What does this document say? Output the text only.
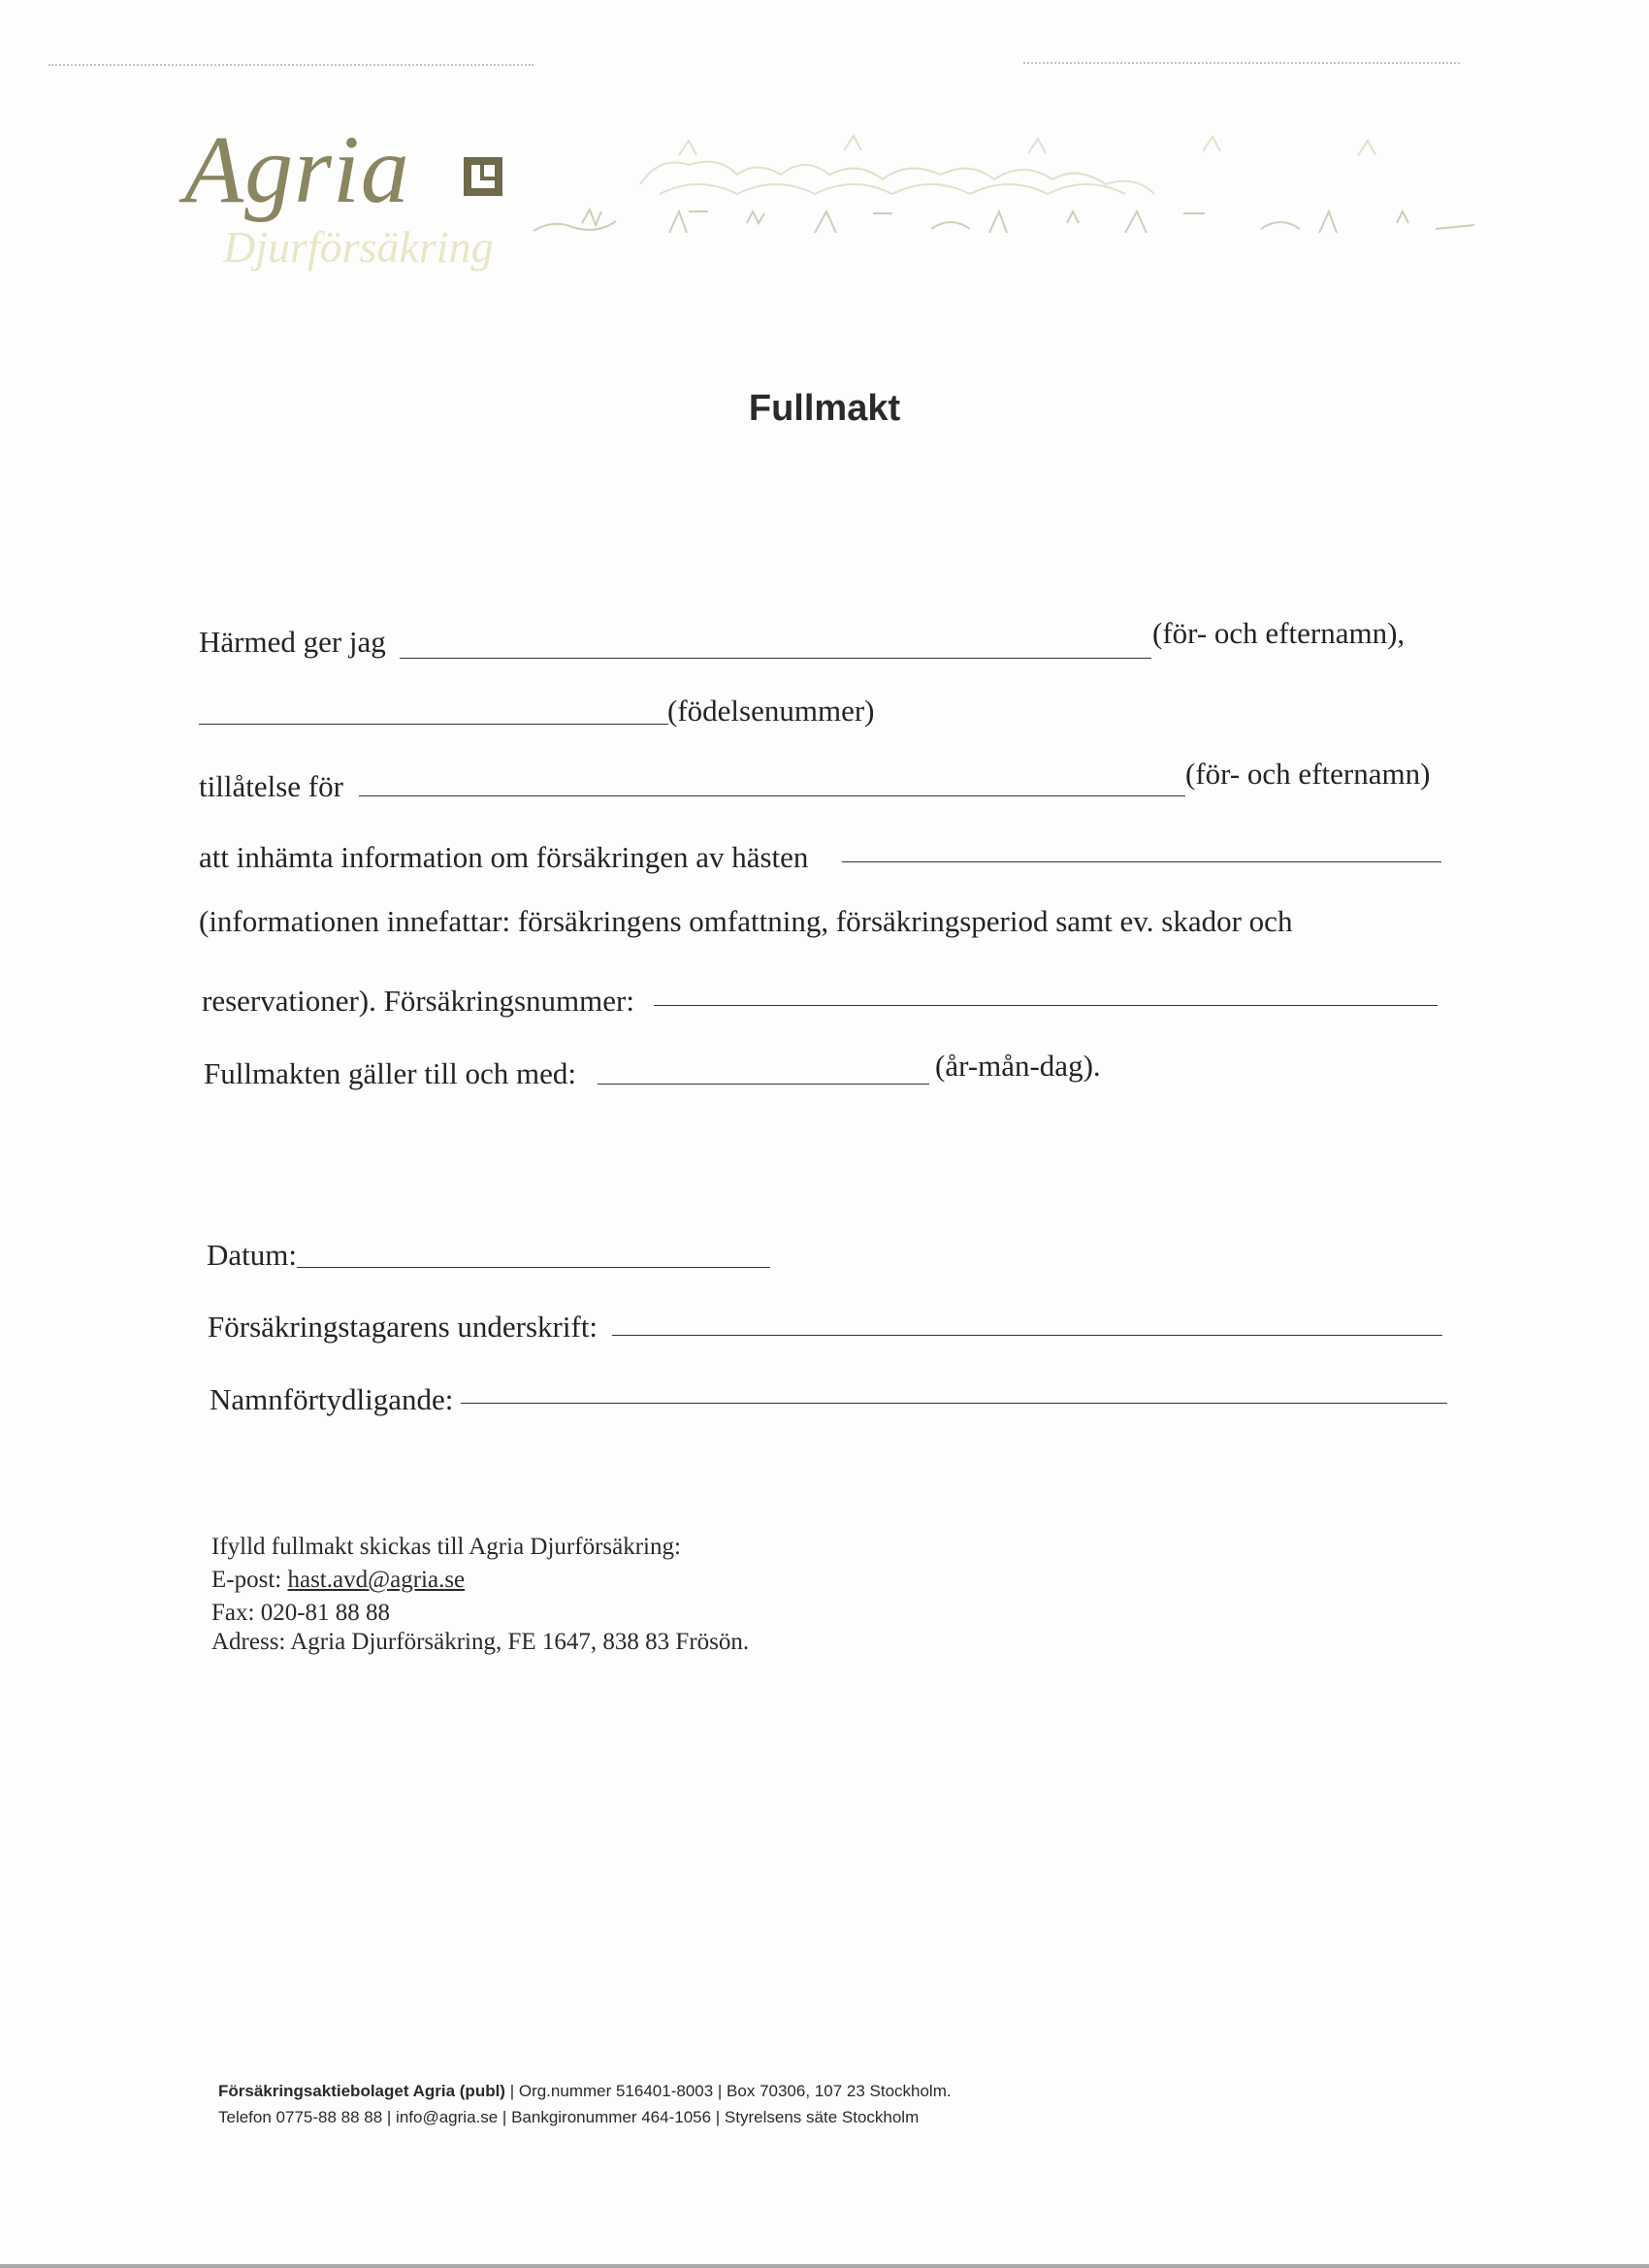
Agria
Djurförsäkring
Fullmakt
Härmed ger jag	(för- och efternamn),
(födelsenummer)
tillåtelse för	(för- och efternamn)
att inhämta information om försäkringen av hästen
(informationen innefattar: försäkringens omfattning, försäkringsperiod samt ev. skador och
reservationer). Försäkringsnummer:
Fullmakten gäller till och med:	(år-mån-dag).
Datum:
Försäkringstagarens underskrift:
Namnförtydligande:
Ifylld fullmakt skickas till Agria Djurförsäkring:
E-post: hast.avd@agria.se
Fax: 020-81 88 88
Adress: Agria Djurförsäkring, FE 1647, 838 83 Frösön.
Försäkringsaktiebolaget Agria (publ) | Org.nummer 516401-8003 | Box 70306, 107 23 Stockholm.
Telefon 0775-88 88 88 | info@agria.se | Bankgironummer 464-1056 | Styrelsens säte Stockholm
